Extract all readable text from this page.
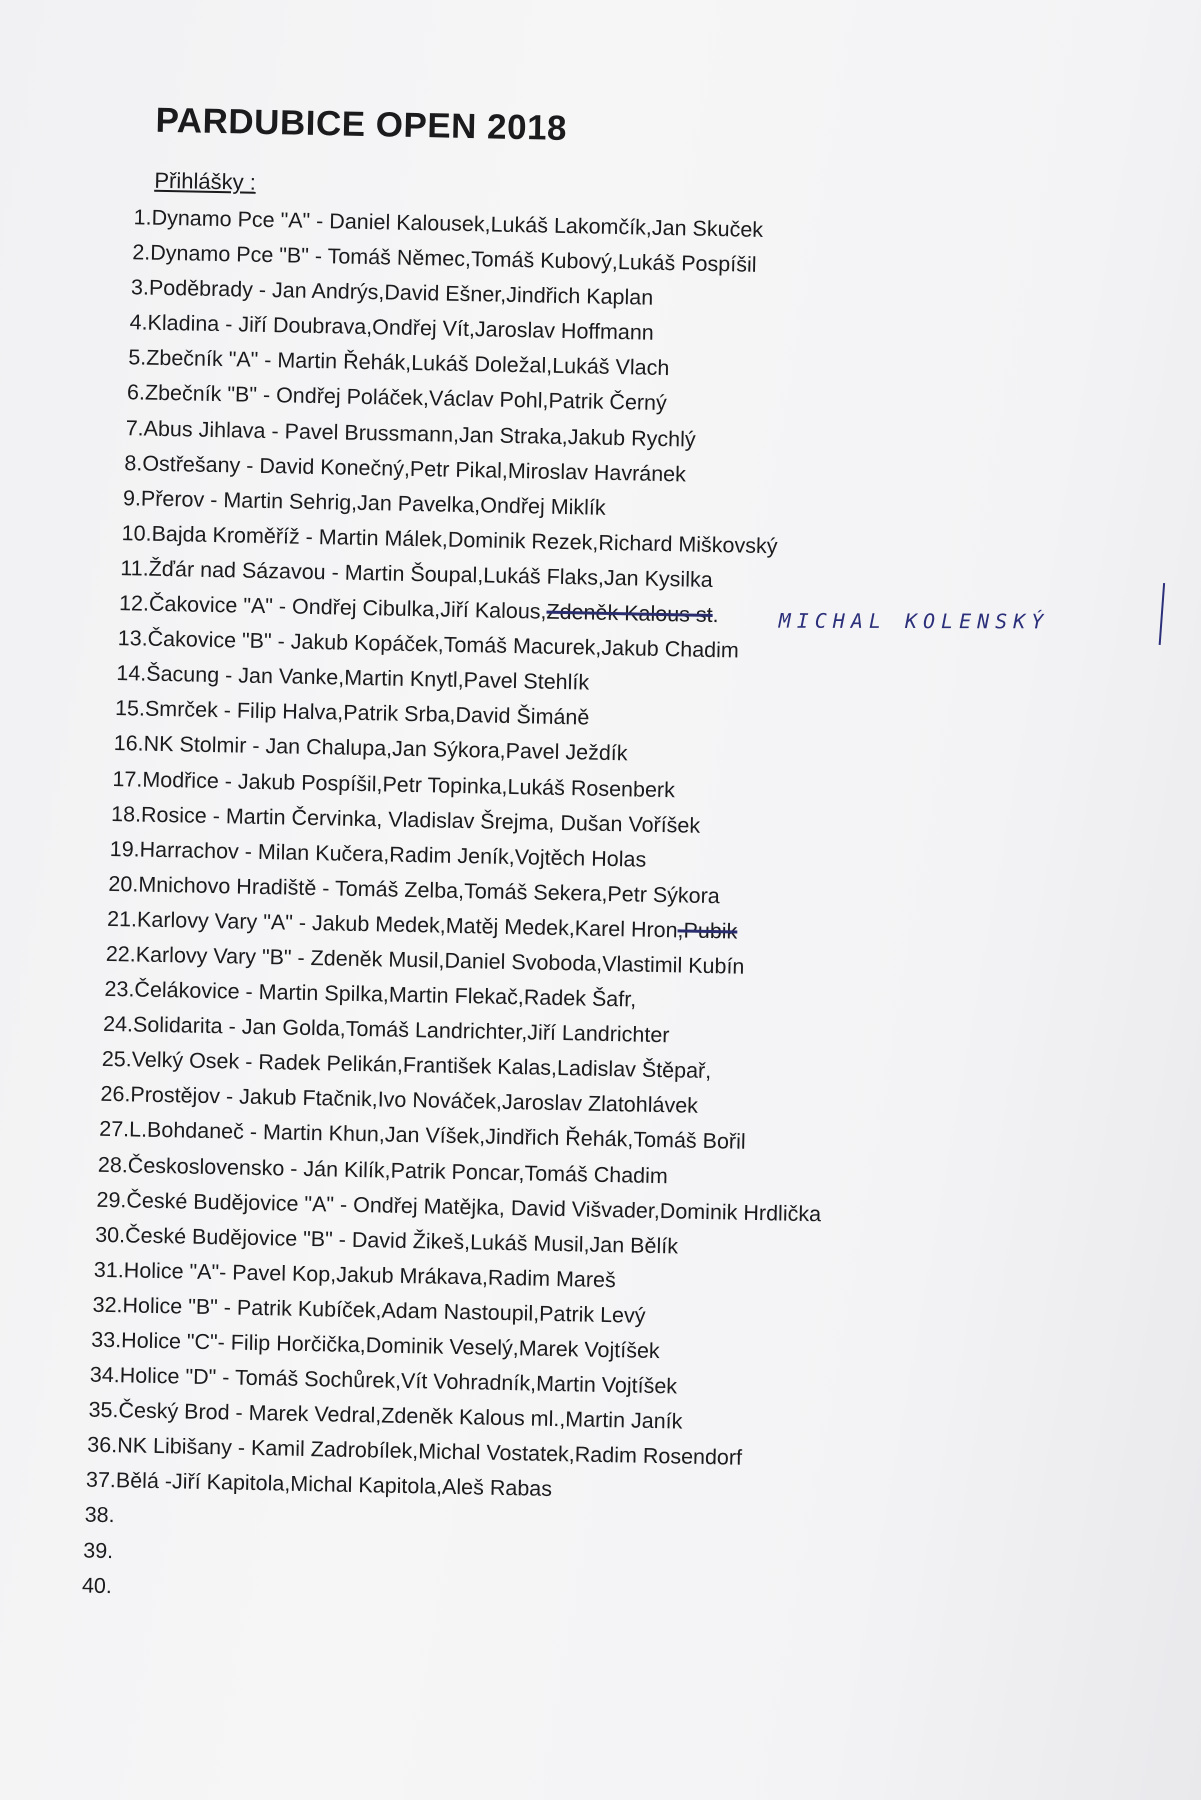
PARDUBICE OPEN 2018
Přihlášky :
1.Dynamo Pce "A" - Daniel Kalousek,Lukáš Lakomčík,Jan Skuček
2.Dynamo Pce "B" - Tomáš Němec,Tomáš Kubový,Lukáš Pospíšil
3.Poděbrady - Jan Andrýs,David Ešner,Jindřich Kaplan
4.Kladina - Jiří Doubrava,Ondřej Vít,Jaroslav Hoffmann
5.Zbečník "A" - Martin Řehák,Lukáš Doležal,Lukáš Vlach
6.Zbečník "B" - Ondřej Poláček,Václav Pohl,Patrik Černý
7.Abus Jihlava - Pavel Brussmann,Jan Straka,Jakub Rychlý
8.Ostřešany - David Konečný,Petr Pikal,Miroslav Havránek
9.Přerov - Martin Sehrig,Jan Pavelka,Ondřej Miklík
10.Bajda Kroměříž - Martin Málek,Dominik Rezek,Richard Miškovský
11.Žďár nad Sázavou - Martin Šoupal,Lukáš Flaks,Jan Kysilka
12.Čakovice "A" - Ondřej Cibulka,Jiří Kalous,Zdeněk Kalous st.	MICHAL KOLENSKÝ
13.Čakovice "B" - Jakub Kopáček,Tomáš Macurek,Jakub Chadim
14.Šacung - Jan Vanke,Martin Knytl,Pavel Stehlík
15.Smrček - Filip Halva,Patrik Srba,David Šimáně
16.NK Stolmir - Jan Chalupa,Jan Sýkora,Pavel Ježdík
17.Modřice - Jakub Pospíšil,Petr Topinka,Lukáš Rosenberk
18.Rosice - Martin Červinka, Vladislav Šrejma, Dušan Voříšek
19.Harrachov - Milan Kučera,Radim Jeník,Vojtěch Holas
20.Mnichovo Hradiště - Tomáš Zelba,Tomáš Sekera,Petr Sýkora
21.Karlovy Vary "A" - Jakub Medek,Matěj Medek,Karel Hron,Pubik
22.Karlovy Vary "B" - Zdeněk Musil,Daniel Svoboda,Vlastimil Kubín
23.Čelákovice - Martin Spilka,Martin Flekač,Radek Šafr,
24.Solidarita - Jan Golda,Tomáš Landrichter,Jiří Landrichter
25.Velký Osek - Radek Pelikán,František Kalas,Ladislav Štěpař,
26.Prostějov - Jakub Ftačnik,Ivo Nováček,Jaroslav Zlatohlávek
27.L.Bohdaneč - Martin Khun,Jan Víšek,Jindřich Řehák,Tomáš Bořil
28.Československo - Ján Kilík,Patrik Poncar,Tomáš Chadim
29.České Budějovice "A" - Ondřej Matějka, David Višvader,Dominik Hrdlička
30.České Budějovice "B" - David Žikeš,Lukáš Musil,Jan Bělík
31.Holice "A"- Pavel Kop,Jakub Mrákava,Radim Mareš
32.Holice "B" - Patrik Kubíček,Adam Nastoupil,Patrik Levý
33.Holice "C"- Filip Horčička,Dominik Veselý,Marek Vojtíšek
34.Holice "D" - Tomáš Sochůrek,Vít Vohradník,Martin Vojtíšek
35.Český Brod - Marek Vedral,Zdeněk Kalous ml.,Martin Janík
36.NK Libišany - Kamil Zadrobílek,Michal Vostatek,Radim Rosendorf
37.Bělá -Jiří Kapitola,Michal Kapitola,Aleš Rabas
38.
39.
40.
